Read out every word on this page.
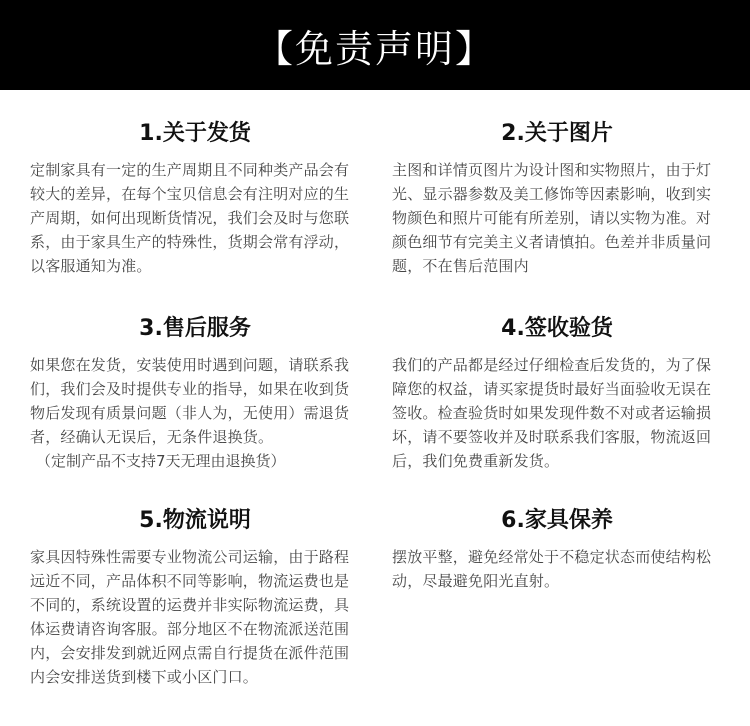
【免责声明】
1.关于发货

定制家具有一定的生产周期且不同种类产品会有较大的差异，在每个宝贝信息会有注明对应的生产周期，如何出现断货情况，我们会及时与您联系，由于家具生产的特殊性，货期会常有浮动，以客服通知为准。

2.关于图片

主图和详情页图片为设计图和实物照片，由于灯光、显示器参数及美工修饰等因素影响，收到实物颜色和照片可能有所差别，请以实物为准。对颜色细节有完美主义者请慎拍。色差并非质量问题，不在售后范围内

3.售后服务

如果您在发货，安装使用时遇到问题，请联系我们，我们会及时提供专业的指导，如果在收到货物后发现有质景问题（非人为，无使用）需退货者，经确认无误后，无条件退换货。

（定制产品不支持7天无理由退换货）

4.签收验货

我们的产品都是经过仔细检查后发货的，为了保障您的权益，请买家提货时最好当面验收无误在签收。检查验货时如果发现件数不对或者运输损坏，请不要签收并及时联系我们客服，物流返回后，我们免费重新发货。

5.物流说明

家具因特殊性需要专业物流公司运输，由于路程远近不同，产品体积不同等影响，物流运费也是不同的，系统设置的运费并非实际物流运费，具体运费请咨询客服。部分地区不在物流派送范围内，会安排发到就近网点需自行提货在派件范围内会安排送货到楼下或小区门口。

6.家具保养

摆放平整，避免经常处于不稳定状态而使结构松动，尽最避免阳光直射。
